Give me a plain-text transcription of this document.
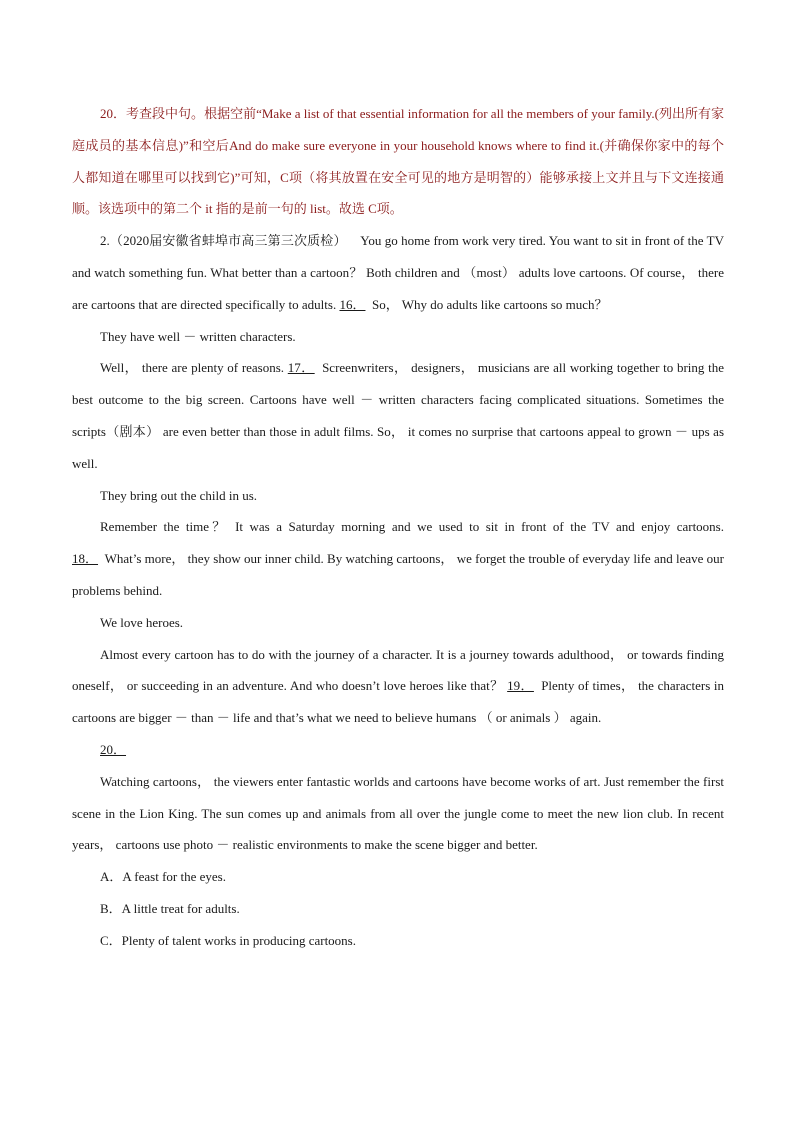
20．考查段中句。根据空前“Make a list of that essential information for all the members of your family.(列出所有家庭成员的基本信息)”和空后And do make sure everyone in your household knows where to find it.(并确保你家中的每个人都知道在哪里可以找到它)”可知，C项（将其放置在安全可见的地方是明智的）能够承接上文并且与下文连接通顺。该选项中的第二个 it 指的是前一句的 list。故选 C项。

2.（2020届安徽省蚌埠市高三第三次质检） You go home from work very tired. You want to sit in front of the TV and watch something fun. What better than a cartoon？ Both children and （most） adults love cartoons. Of course， there are cartoons that are directed specifically to adults. 16． So， Why do adults like cartoons so much？

They have well － written characters.

Well， there are plenty of reasons. 17． Screenwriters， designers， musicians are all working together to bring the best outcome to the big screen. Cartoons have well － written characters facing complicated situations. Sometimes the scripts（剧本） are even better than those in adult films. So， it comes no surprise that cartoons appeal to grown － ups as well.

They bring out the child in us.

Remember the time？ It was a Saturday morning and we used to sit in front of the TV and enjoy cartoons. 18． What’s more， they show our inner child. By watching cartoons， we forget the trouble of everyday life and leave our problems behind.

We love heroes.

Almost every cartoon has to do with the journey of a character. It is a journey towards adulthood， or towards finding oneself， or succeeding in an adventure. And who doesn’t love heroes like that？ 19． Plenty of times， the characters in cartoons are bigger － than － life and that’s what we need to believe humans （ or animals ） again.

20．

Watching cartoons， the viewers enter fantastic worlds and cartoons have become works of art. Just remember the first scene in the Lion King. The sun comes up and animals from all over the jungle come to meet the new lion club. In recent years， cartoons use photo － realistic environments to make the scene bigger and better.

A．A feast for the eyes.

B．A little treat for adults.

C．Plenty of talent works in producing cartoons.
